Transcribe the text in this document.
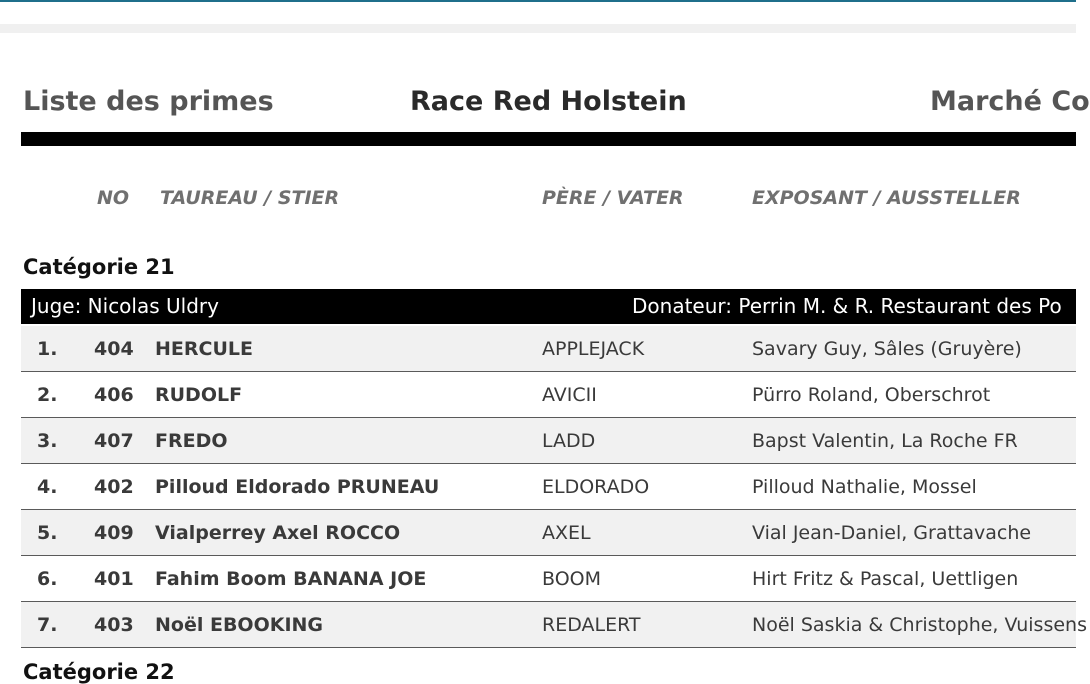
Liste des primes	Race Red Holstein	Marché Co
NO TAUREAU / STIER	PÈRE / VATER	EXPOSANT / AUSSTELLER
Catégorie 21
Juge: Nicolas Uldry	Donateur: Perrin M. & R. Restaurant des Po
1. 404 HERCULE	APPLEJACK	Savary Guy, Sâles (Gruyère)
2. 406 RUDOLF	AVICII	Pürro Roland, Oberschrot
3. 407 FREDO	LADD	Bapst Valentin, La Roche FR
4. 402 Pilloud Eldorado PRUNEAU	ELDORADO	Pilloud Nathalie, Mossel
5. 409 Vialperrey Axel ROCCO	AXEL	Vial Jean-Daniel, Grattavache
6. 401 Fahim Boom BANANA JOE	BOOM	Hirt Fritz & Pascal, Uettligen
7. 403 Noël EBOOKING	REDALERT	Noël Saskia & Christophe, Vuissens
Catégorie 22
